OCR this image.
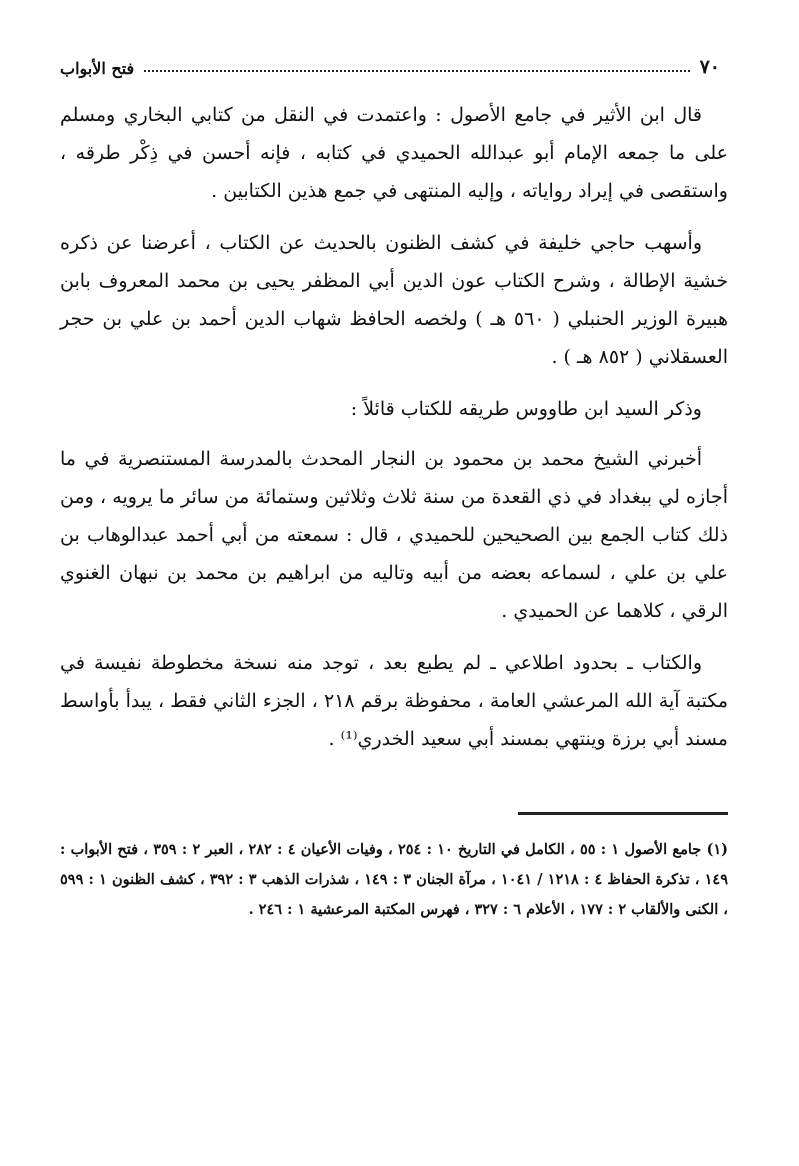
٧٠
فتح الأبواب

قال ابن الأثير في جامع الأصول : واعتمدت في النقل من كتابي البخاري ومسلم على ما جمعه الإمام أبو عبدالله الحميدي في كتابه ، فإنه أحسن في ذِكْر طرقه ، واستقصى في إيراد رواياته ، وإليه المنتهى في جمع هذين الكتابين .

وأسهب حاجي خليفة في كشف الظنون بالحديث عن الكتاب ، أعرضنا عن ذكره خشية الإطالة ، وشرح الكتاب عون الدين أبي المظفر يحيى بن محمد المعروف بابن هبيرة الوزير الحنبلي ( ٥٦٠ هـ ) ولخصه الحافظ شهاب الدين أحمد بن علي بن حجر العسقلاني ( ٨٥٢ هـ ) .

وذكر السيد ابن طاووس طريقه للكتاب قائلاً :

أخبرني الشيخ محمد بن محمود بن النجار المحدث بالمدرسة المستنصرية في ما أجازه لي ببغداد في ذي القعدة من سنة ثلاث وثلاثين وستمائة من سائر ما يرويه ، ومن ذلك كتاب الجمع بين الصحيحين للحميدي ، قال : سمعته من أبي أحمد عبدالوهاب بن علي بن علي ، لسماعه بعضه من أبيه وتاليه من ابراهيم بن محمد بن نبهان الغنوي الرقي ، كلاهما عن الحميدي .

والكتاب ـ بحدود اطلاعي ـ لم يطبع بعد ، توجد منه نسخة مخطوطة نفيسة في مكتبة آية الله المرعشي العامة ، محفوظة برقم ٢١٨ ، الجزء الثاني فقط ، يبدأ بأواسط مسند أبي برزة وينتهي بمسند أبي سعيد الخدري⁽¹⁾ .

(١) جامع الأصول ١ : ٥٥ ، الكامل في التاريخ ١٠ : ٢٥٤ ، وفيات الأعيان ٤ : ٢٨٢ ، العبر ٢ : ٣٥٩ ، فتح الأبواب : ١٤٩ ، تذكرة الحفاظ ٤ : ١٢١٨ / ١٠٤١ ، مرآة الجنان ٣ : ١٤٩ ، شذرات الذهب ٣ : ٣٩٢ ، كشف الظنون ١ : ٥٩٩ ، الكنى والألقاب ٢ : ١٧٧ ، الأعلام ٦ : ٣٢٧ ، فهرس المكتبة المرعشية ١ : ٢٤٦ .
